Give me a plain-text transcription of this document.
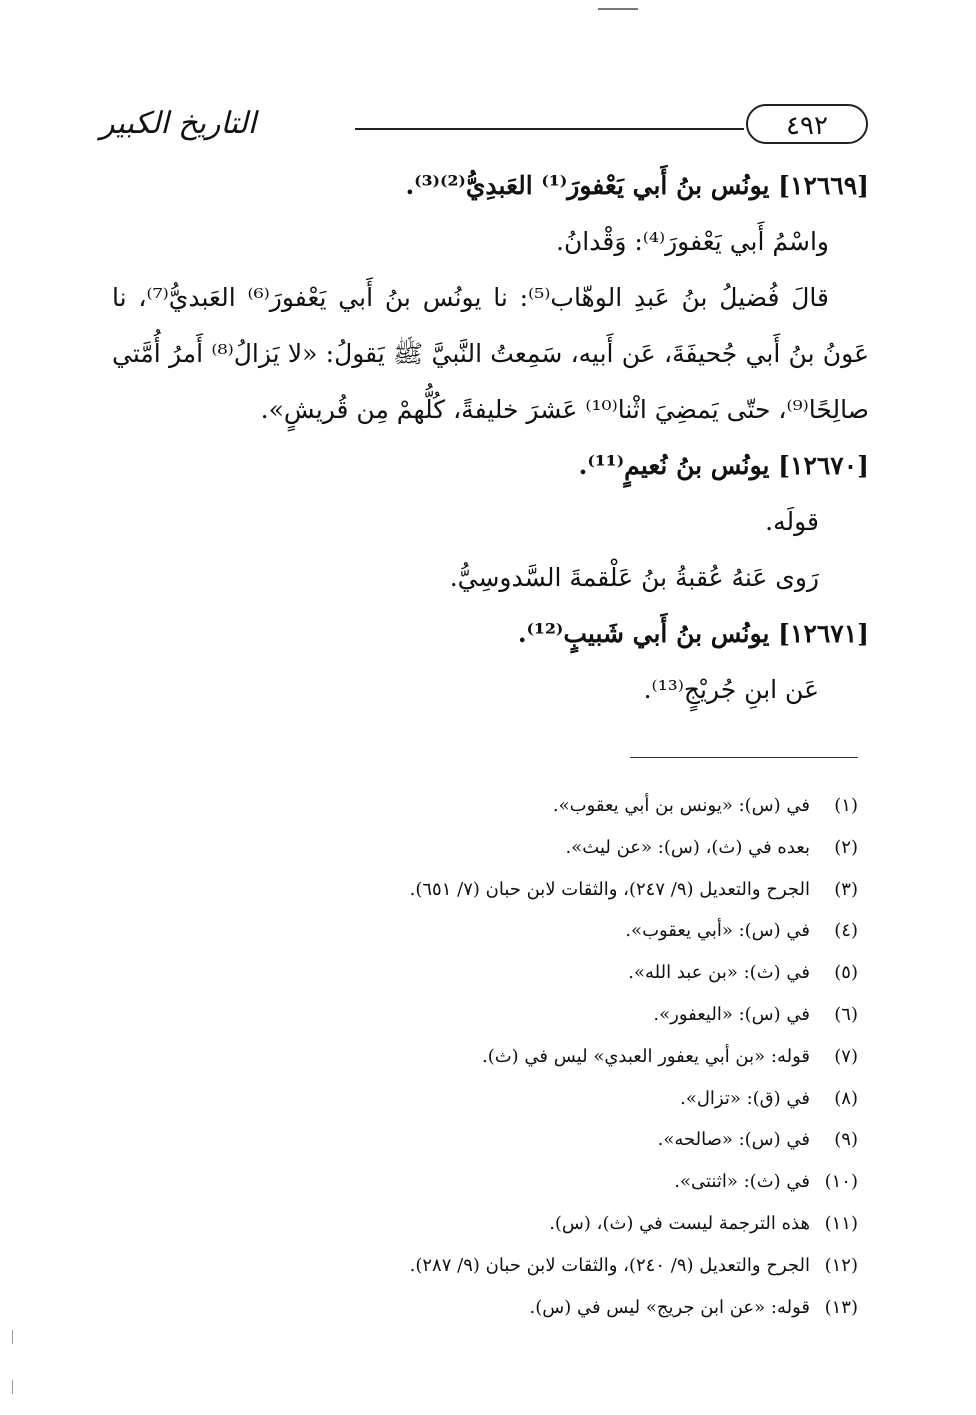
التاريخ الكبير	٤٩٢
[١٢٦٦٩] يونُس بنُ أَبي يَعْفورَ⁽¹⁾ العَبدِيُّ⁽²⁾⁽³⁾.
واسْمُ أَبي يَعْفورَ⁽⁴⁾: وَقْدانُ.
قالَ فُضيلُ بنُ عَبدِ الوهّاب⁽⁵⁾: نا يونُس بنُ أَبي يَعْفورَ⁽⁶⁾ العَبديُّ⁽⁷⁾، نا
عَونُ بنُ أَبي جُحيفَةَ، عَن أَبيه، سَمِعتُ النَّبيَّ ﷺ يَقولُ: «لا يَزالُ⁽⁸⁾ أَمرُ أُمَّتي
صالِحًا⁽⁹⁾، حتّى يَمضِيَ اثْنا⁽¹⁰⁾ عَشرَ خليفةً، كُلُّهمْ مِن قُريشٍ».
[١٢٦٧٠] يونُس بنُ نُعيمٍ⁽¹¹⁾.
قولَه.
رَوى عَنهُ عُقبةُ بنُ عَلْقمةَ السَّدوسِيُّ.
[١٢٦٧١] يونُس بنُ أَبي شَبيبٍ⁽¹²⁾.
عَن ابنِ جُريْجٍ⁽¹³⁾.
(١)في (س): «يونس بن أبي يعقوب».
(٢)بعده في (ث)، (س): «عن ليث».
(٣)الجرح والتعديل (٩/ ٢٤٧)، والثقات لابن حبان (٧/ ٦٥١).
(٤)في (س): «أبي يعقوب».
(٥)في (ث): «بن عبد الله».
(٦)في (س): «اليعفور».
(٧)قوله: «بن أبي يعفور العبدي» ليس في (ث).
(٨)في (ق): «تزال».
(٩)في (س): «صالحه».
(١٠)في (ث): «اثنتى».
(١١)هذه الترجمة ليست في (ث)، (س).
(١٢)الجرح والتعديل (٩/ ٢٤٠)، والثقات لابن حبان (٩/ ٢٨٧).
(١٣)قوله: «عن ابن جريج» ليس في (س).
